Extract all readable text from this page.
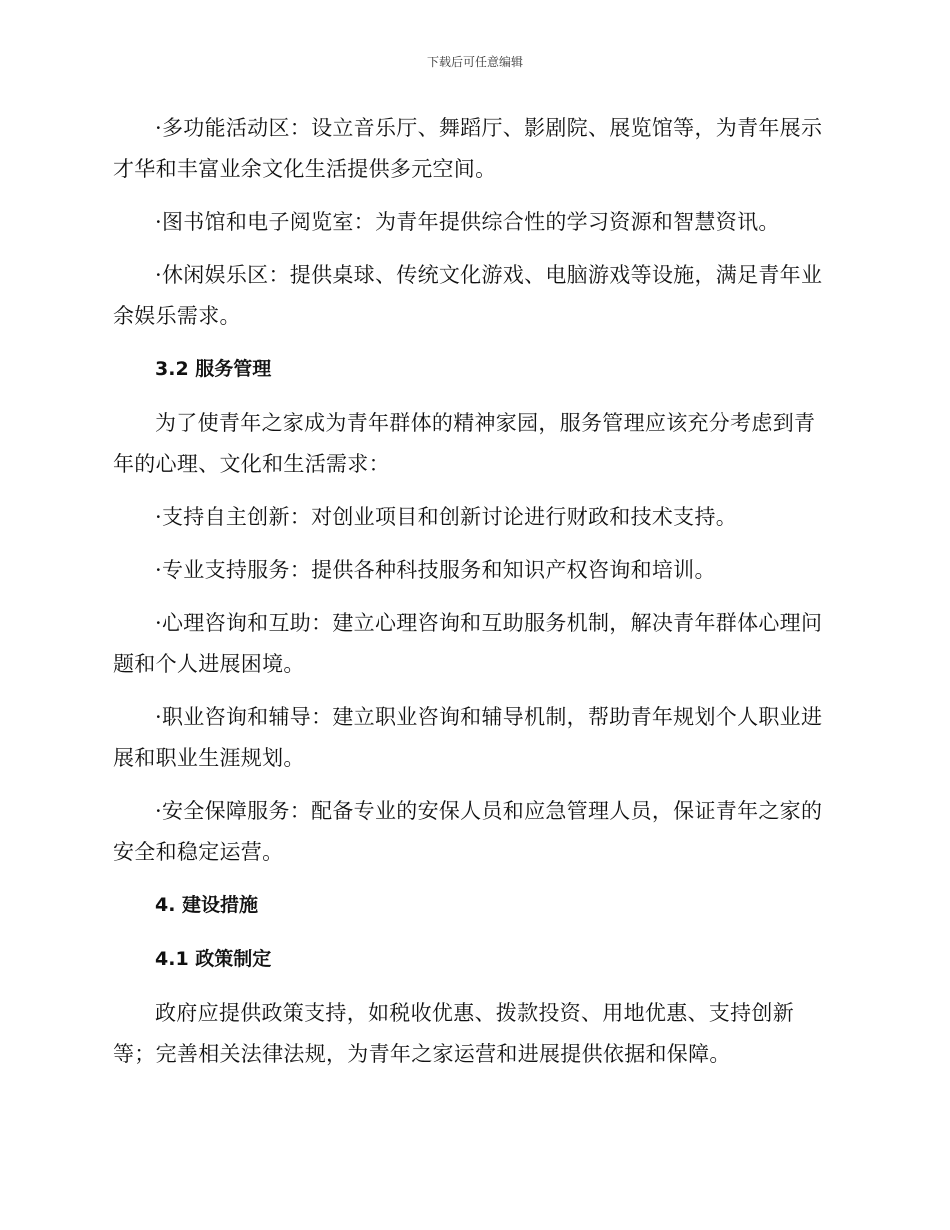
下载后可任意编辑

·多功能活动区：设立音乐厅、舞蹈厅、影剧院、展览馆等，为青年展示才华和丰富业余文化生活提供多元空间。

·图书馆和电子阅览室：为青年提供综合性的学习资源和智慧资讯。

·休闲娱乐区：提供桌球、传统文化游戏、电脑游戏等设施，满足青年业余娱乐需求。

3.2 服务管理

为了使青年之家成为青年群体的精神家园，服务管理应该充分考虑到青年的心理、文化和生活需求：

·支持自主创新：对创业项目和创新讨论进行财政和技术支持。

·专业支持服务：提供各种科技服务和知识产权咨询和培训。

·心理咨询和互助：建立心理咨询和互助服务机制，解决青年群体心理问题和个人进展困境。

·职业咨询和辅导：建立职业咨询和辅导机制，帮助青年规划个人职业进展和职业生涯规划。

·安全保障服务：配备专业的安保人员和应急管理人员，保证青年之家的安全和稳定运营。

4. 建设措施
4.1 政策制定

政府应提供政策支持，如税收优惠、拨款投资、用地优惠、支持创新等；完善相关法律法规，为青年之家运营和进展提供依据和保障。
